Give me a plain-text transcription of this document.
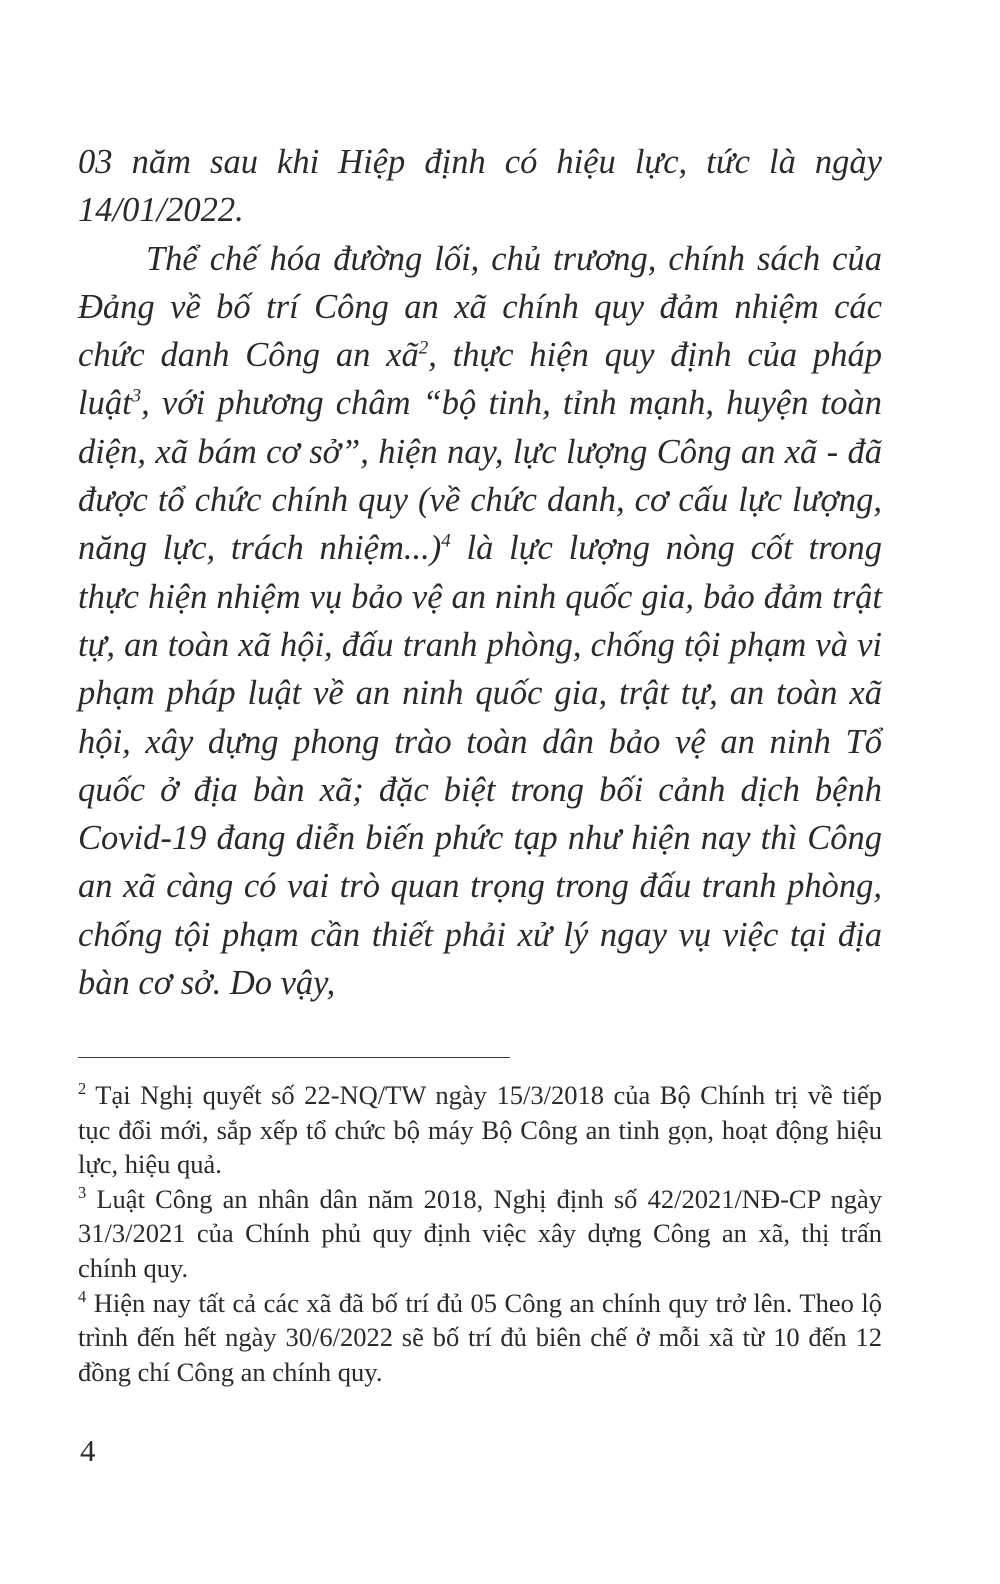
03 năm sau khi Hiệp định có hiệu lực, tức là ngày 14/01/2022.

Thể chế hóa đường lối, chủ trương, chính sách của Đảng về bố trí Công an xã chính quy đảm nhiệm các chức danh Công an $xã^2$, thực hiện quy định của pháp luật$^3$, với phương châm “bộ tinh, tỉnh mạnh, huyện toàn diện, xã bám cơ sở”, hiện nay, lực lượng Công an xã - đã được tổ chức chính quy (về chức danh, cơ cấu lực lượng, năng lực, trách nhiệm...)$^4$ là lực lượng nòng cốt trong thực hiện nhiệm vụ bảo vệ an ninh quốc gia, bảo đảm trật tự, an toàn xã hội, đấu tranh phòng, chống tội phạm và vi phạm pháp luật về an ninh quốc gia, trật tự, an toàn xã hội, xây dựng phong trào toàn dân bảo vệ an ninh Tổ quốc ở địa bàn xã; đặc biệt trong bối cảnh dịch bệnh Covid-19 đang diễn biến phức tạp như hiện nay thì Công an xã càng có vai trò quan trọng trong đấu tranh phòng, chống tội phạm cần thiết phải xử lý ngay vụ việc tại địa bàn cơ sở. Do vậy,

$^2$ Tại Nghị quyết số 22-NQ/TW ngày 15/3/2018 của Bộ Chính trị về tiếp tục đổi mới, sắp xếp tổ chức bộ máy Bộ Công an tinh gọn, hoạt động hiệu lực, hiệu quả.

$^3$ Luật Công an nhân dân năm 2018, Nghị định số 42/2021/NĐ-CP ngày 31/3/2021 của Chính phủ quy định việc xây dựng Công an xã, thị trấn chính quy.

$^4$ Hiện nay tất cả các xã đã bố trí đủ 05 Công an chính quy trở lên. Theo lộ trình đến hết ngày 30/6/2022 sẽ bố trí đủ biên chế ở mỗi xã từ 10 đến 12 đồng chí Công an chính quy.

4
